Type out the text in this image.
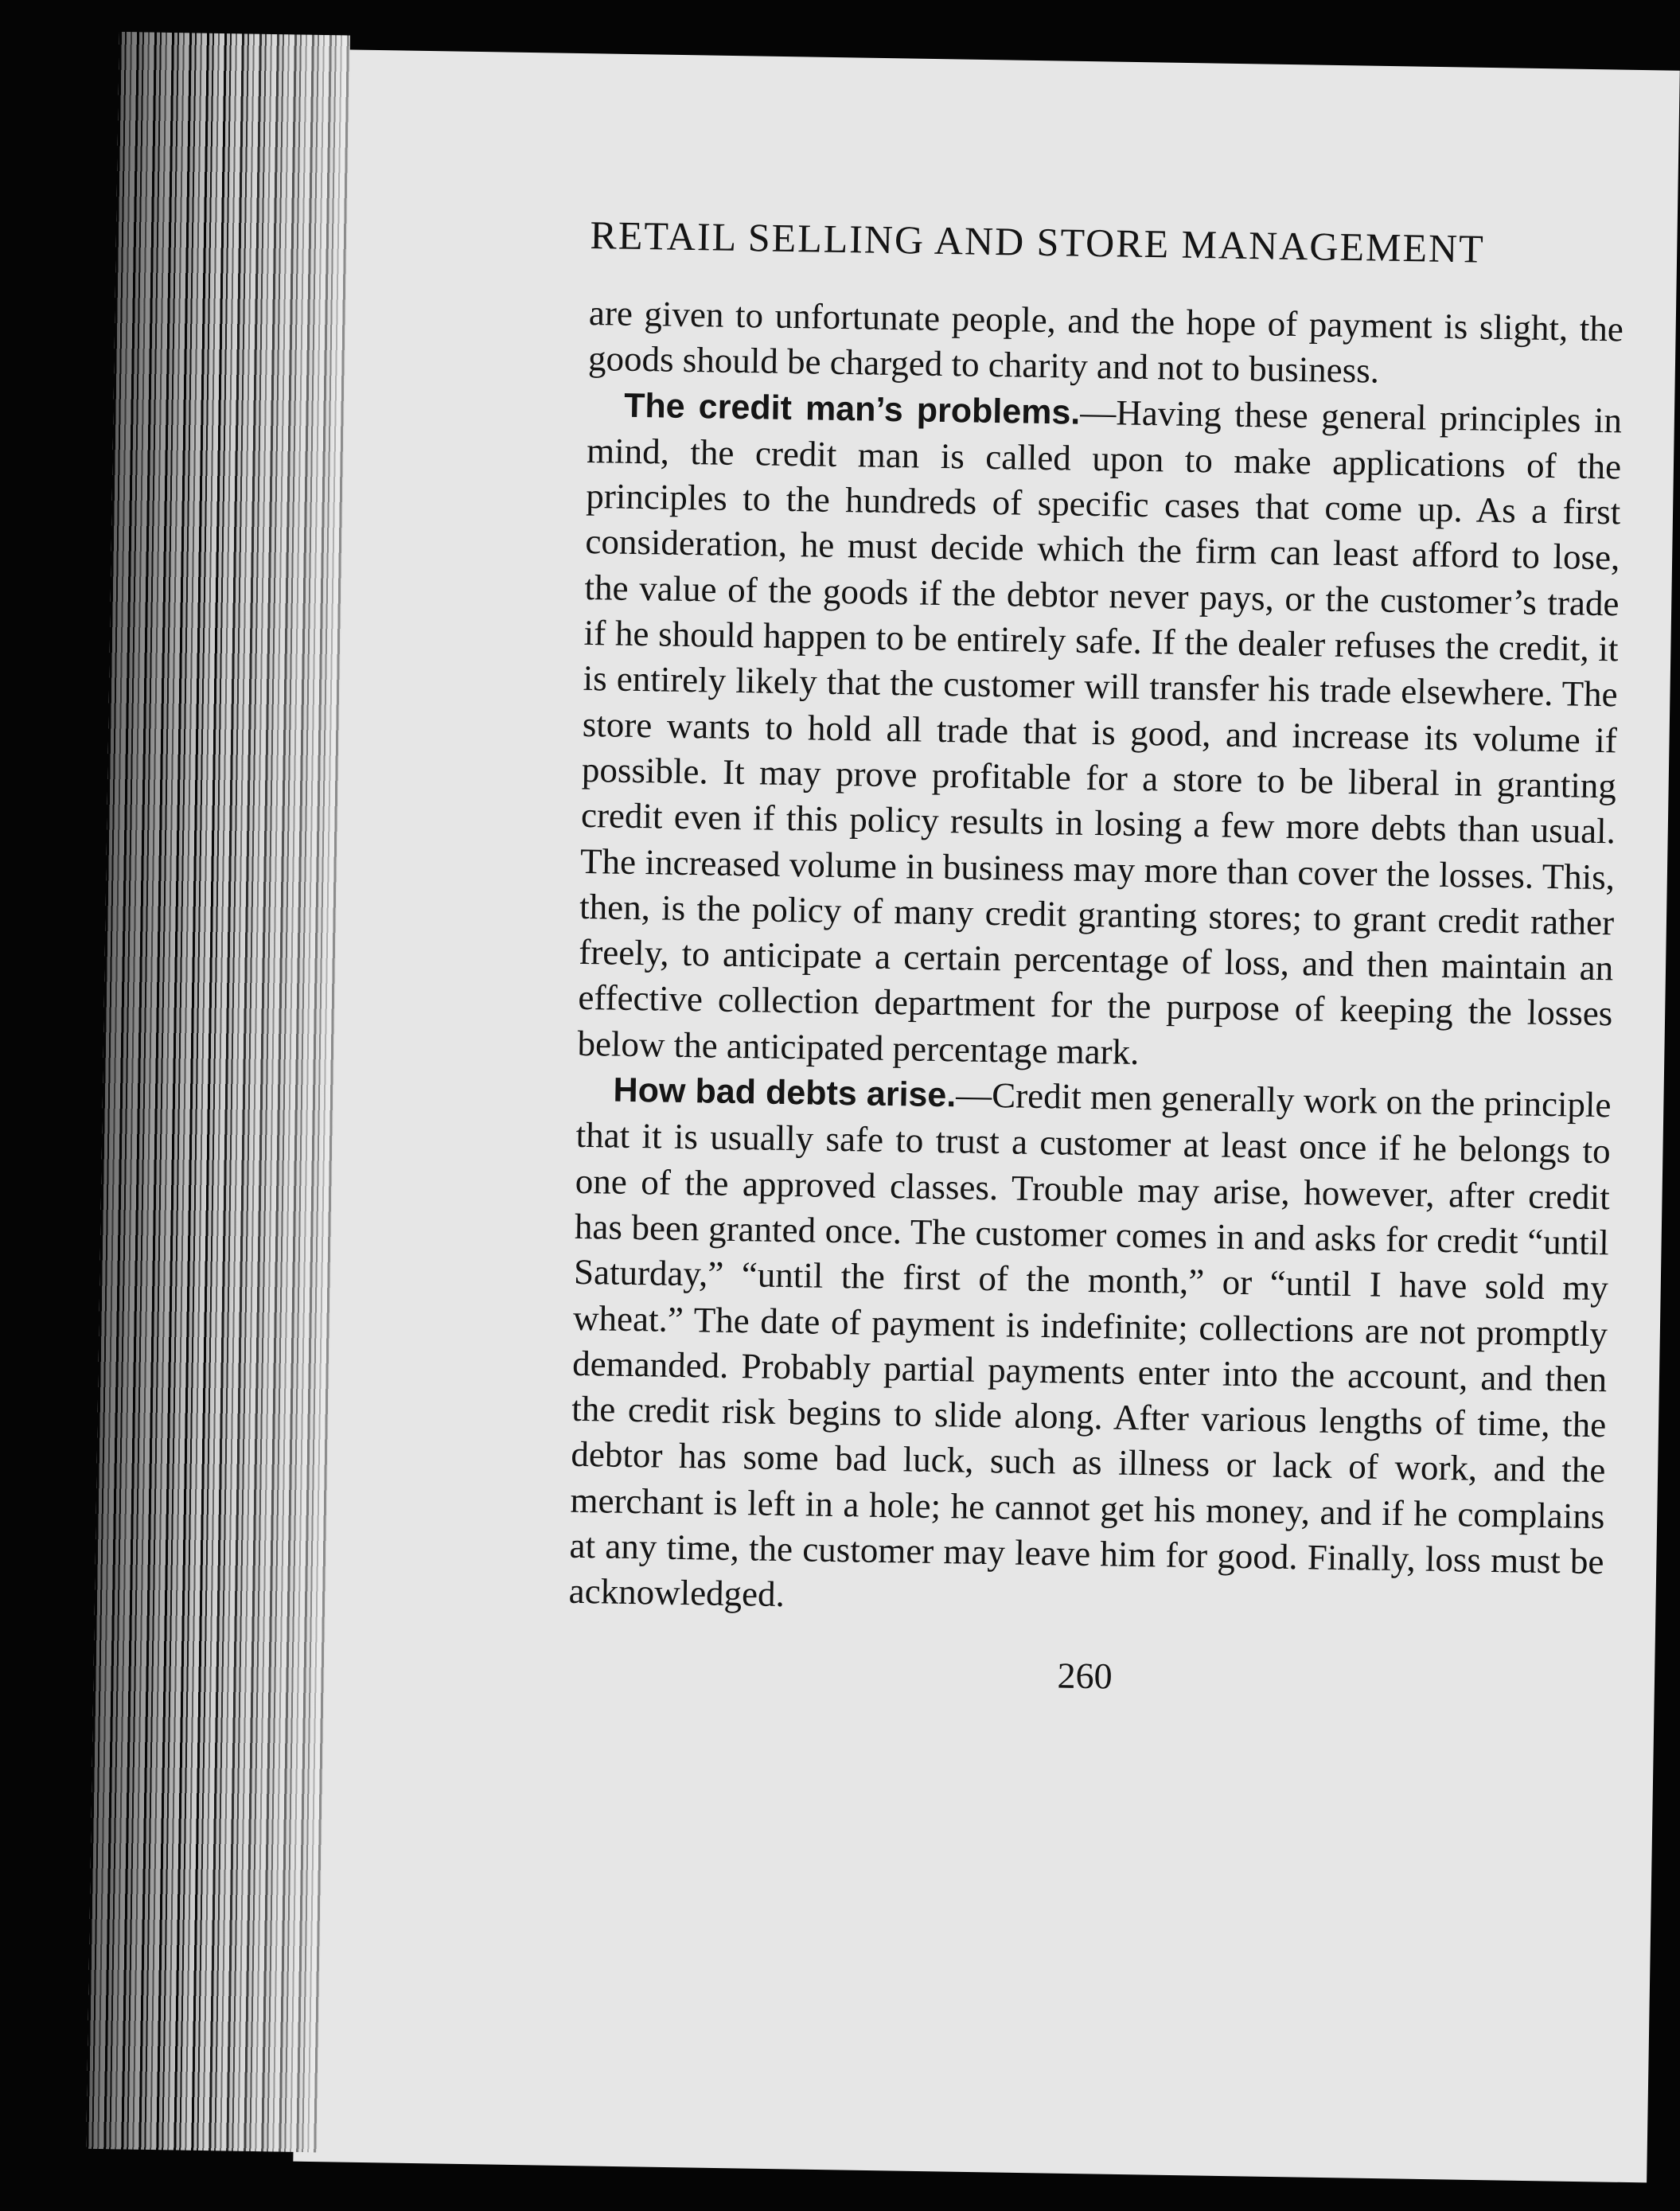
RETAIL SELLING AND STORE MANAGEMENT

are given to unfortunate people, and the hope of payment is slight, the goods should be charged to charity and not to business.

The credit man’s problems.—Having these general principles in mind, the credit man is called upon to make applications of the principles to the hundreds of specific cases that come up. As a first consideration, he must decide which the firm can least afford to lose, the value of the goods if the debtor never pays, or the customer’s trade if he should happen to be entirely safe. If the dealer refuses the credit, it is entirely likely that the customer will transfer his trade elsewhere. The store wants to hold all trade that is good, and increase its volume if possible. It may prove profitable for a store to be liberal in granting credit even if this policy results in losing a few more debts than usual. The increased volume in business may more than cover the losses. This, then, is the policy of many credit granting stores; to grant credit rather freely, to anticipate a certain percentage of loss, and then maintain an effective collection department for the purpose of keeping the losses below the anticipated percentage mark.

How bad debts arise.—Credit men generally work on the principle that it is usually safe to trust a customer at least once if he belongs to one of the approved classes. Trouble may arise, however, after credit has been granted once. The customer comes in and asks for credit “until Saturday,” “until the first of the month,” or “until I have sold my wheat.” The date of payment is indefinite; collections are not promptly demanded. Probably partial payments enter into the account, and then the credit risk begins to slide along. After various lengths of time, the debtor has some bad luck, such as illness or lack of work, and the merchant is left in a hole; he cannot get his money, and if he complains at any time, the customer may leave him for good. Finally, loss must be acknowledged.

260
